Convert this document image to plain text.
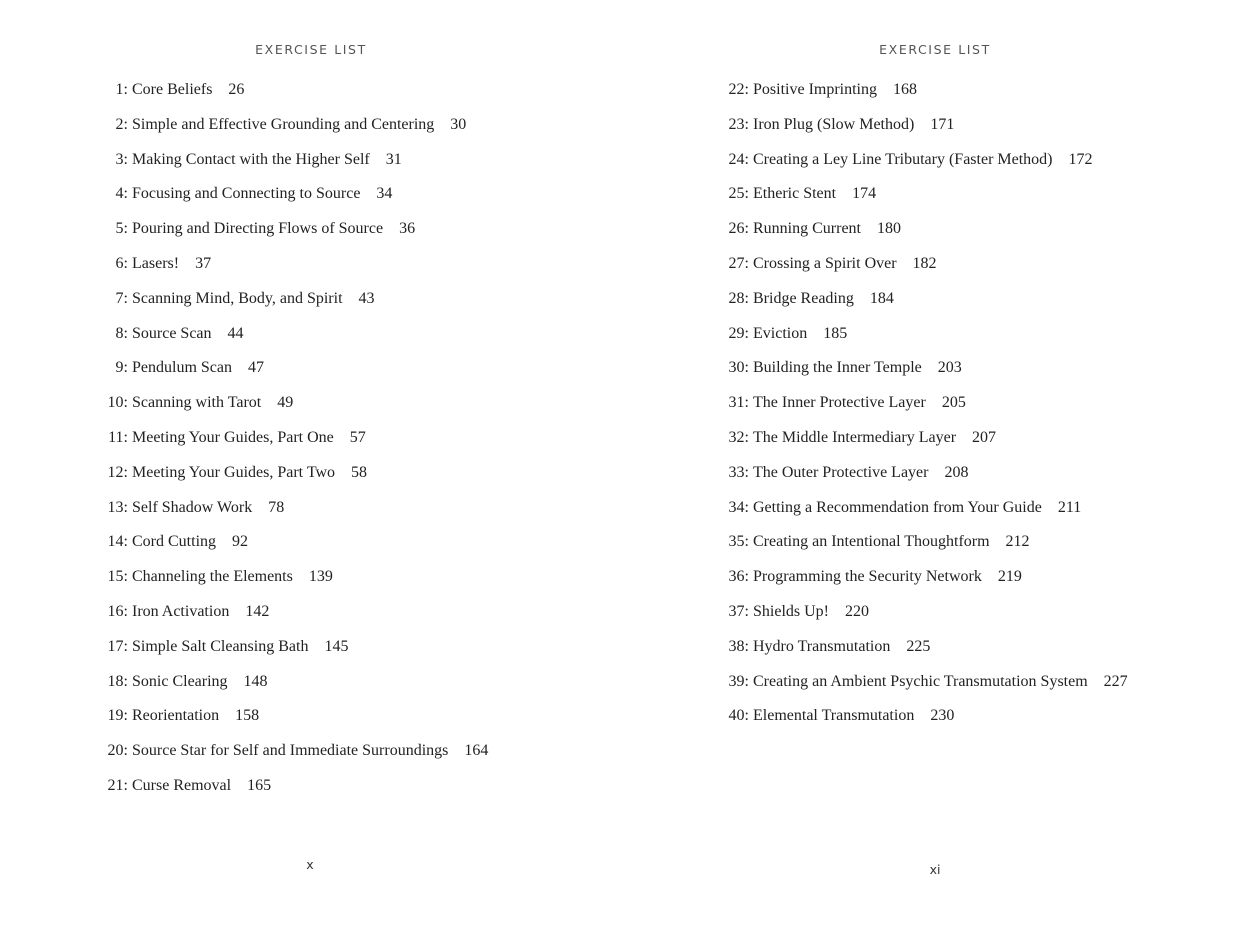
EXERCISE LIST
1: Core Beliefs 26
2: Simple and Effective Grounding and Centering 30
3: Making Contact with the Higher Self 31
4: Focusing and Connecting to Source 34
5: Pouring and Directing Flows of Source 36
6: Lasers! 37
7: Scanning Mind, Body, and Spirit 43
8: Source Scan 44
9: Pendulum Scan 47
10: Scanning with Tarot 49
11: Meeting Your Guides, Part One 57
12: Meeting Your Guides, Part Two 58
13: Self Shadow Work 78
14: Cord Cutting 92
15: Channeling the Elements 139
16: Iron Activation 142
17: Simple Salt Cleansing Bath 145
18: Sonic Clearing 148
19: Reorientation 158
20: Source Star for Self and Immediate Surroundings 164
21: Curse Removal 165
x
EXERCISE LIST
22: Positive Imprinting 168
23: Iron Plug (Slow Method) 171
24: Creating a Ley Line Tributary (Faster Method) 172
25: Etheric Stent 174
26: Running Current 180
27: Crossing a Spirit Over 182
28: Bridge Reading 184
29: Eviction 185
30: Building the Inner Temple 203
31: The Inner Protective Layer 205
32: The Middle Intermediary Layer 207
33: The Outer Protective Layer 208
34: Getting a Recommendation from Your Guide 211
35: Creating an Intentional Thoughtform 212
36: Programming the Security Network 219
37: Shields Up! 220
38: Hydro Transmutation 225
39: Creating an Ambient Psychic Transmutation System 227
40: Elemental Transmutation 230
xi
